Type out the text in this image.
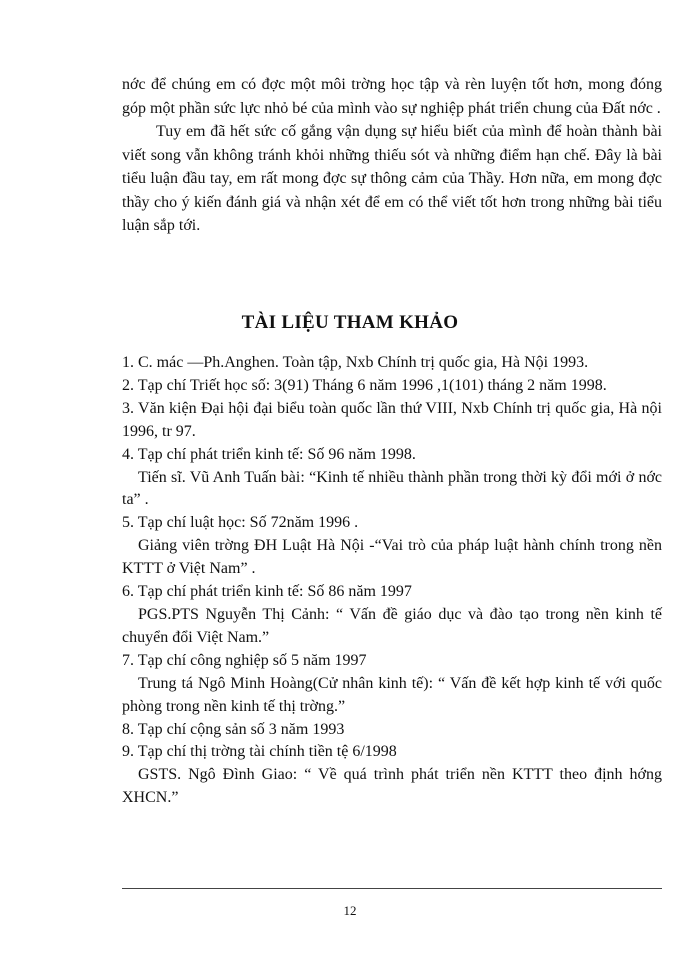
nớc để chúng em có đợc một môi trờng học tập và rèn luyện tốt hơn, mong đóng góp một phần sức lực nhỏ bé của mình vào sự nghiệp phát triển chung của Đất nớc .

Tuy em đã hết sức cố gắng vận dụng sự hiểu biết của mình để hoàn thành bài viết song vẫn không tránh khỏi những thiếu sót và những điểm hạn chế. Đây là bài tiểu luận đầu tay, em rất mong đợc sự thông cảm của Thầy. Hơn nữa, em mong đợc thầy cho ý kiến đánh giá và nhận xét để em có thể viết tốt hơn trong những bài tiểu luận sắp tới.

TÀI LIỆU THAM KHẢO

1. C. mác —Ph.Anghen. Toàn tập, Nxb Chính trị quốc gia, Hà Nội 1993.

2. Tạp chí Triết học số: 3(91) Tháng 6 năm 1996 ,1(101) tháng 2 năm 1998.

3. Văn kiện Đại hội đại biểu toàn quốc lần thứ VIII, Nxb Chính trị quốc gia, Hà nội 1996, tr 97.

4. Tạp chí phát triển kinh tế: Số 96 năm 1998.

Tiến sĩ. Vũ Anh Tuấn bài: “Kinh tế nhiều thành phần trong thời kỳ đổi mới ở nớc ta” .

5. Tạp chí luật học: Số 72năm 1996 .

Giảng viên trờng ĐH Luật Hà Nội -“Vai trò của pháp luật hành chính trong nền KTTT ở Việt Nam” .

6. Tạp chí phát triển kinh tế: Số 86 năm 1997

PGS.PTS Nguyễn Thị Cảnh: “ Vấn đề giáo dục và đào tạo trong nền kinh tế chuyển đổi Việt Nam.”

7. Tạp chí công nghiệp số 5 năm 1997

Trung tá Ngô Minh Hoàng(Cử nhân kinh tế): “ Vấn đề kết hợp kinh tế với quốc phòng trong nền kinh tế thị trờng.”

8. Tạp chí cộng sản số 3 năm 1993

9. Tạp chí thị trờng tài chính tiền tệ 6/1998

GSTS. Ngô Đình Giao: “ Về quá trình phát triển nền KTTT theo định hớng XHCN.”

12
